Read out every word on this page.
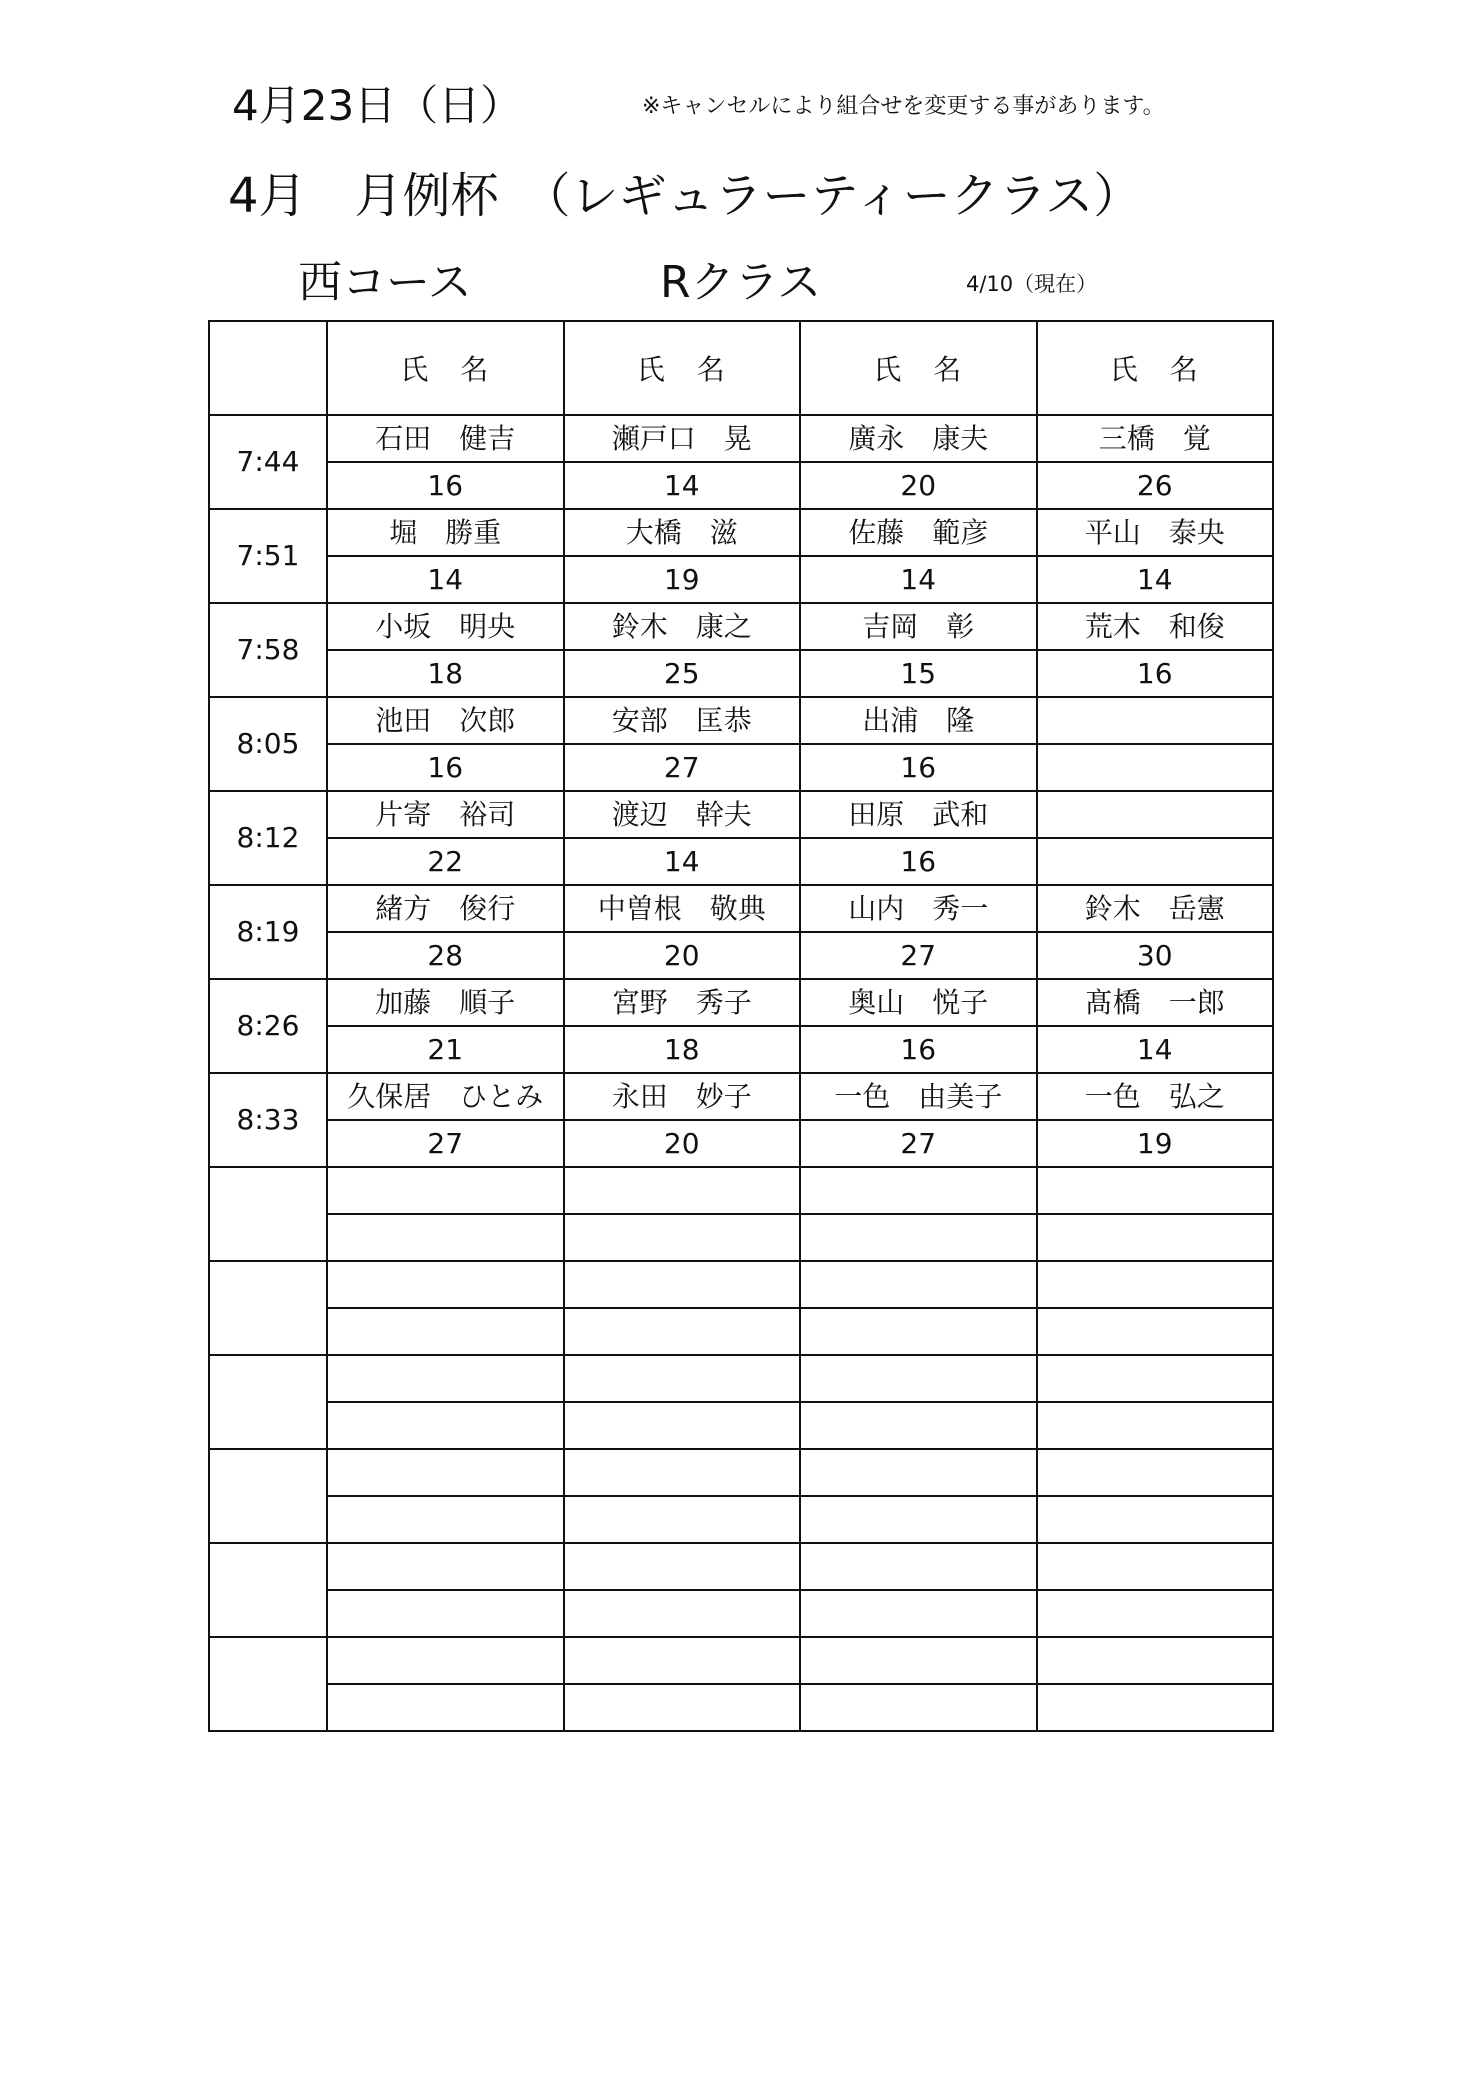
4月23日（日）	※キャンセルにより組合せを変更する事があります。
4月　月例杯　（レギュラーティークラス）
西コース	Rクラス	4/10（現在）
	氏　名	氏　名	氏　名	氏　名
7:44	石田　健吉	瀬戸口　晃	廣永　康夫	三橋　覚
	16	14	20	26
7:51	堀　勝重	大橋　滋	佐藤　範彦	平山　泰央
	14	19	14	14
7:58	小坂　明央	鈴木　康之	吉岡　彰	荒木　和俊
	18	25	15	16
8:05	池田　次郎	安部　匡恭	出浦　隆	
	16	27	16	
8:12	片寄　裕司	渡辺　幹夫	田原　武和	
	22	14	16	
8:19	緒方　俊行	中曽根　敬典	山内　秀一	鈴木　岳憲
	28	20	27	30
8:26	加藤　順子	宮野　秀子	奥山　悦子	髙橋　一郎
	21	18	16	14
8:33	久保居　ひとみ	永田　妙子	一色　由美子	一色　弘之
	27	20	27	19
